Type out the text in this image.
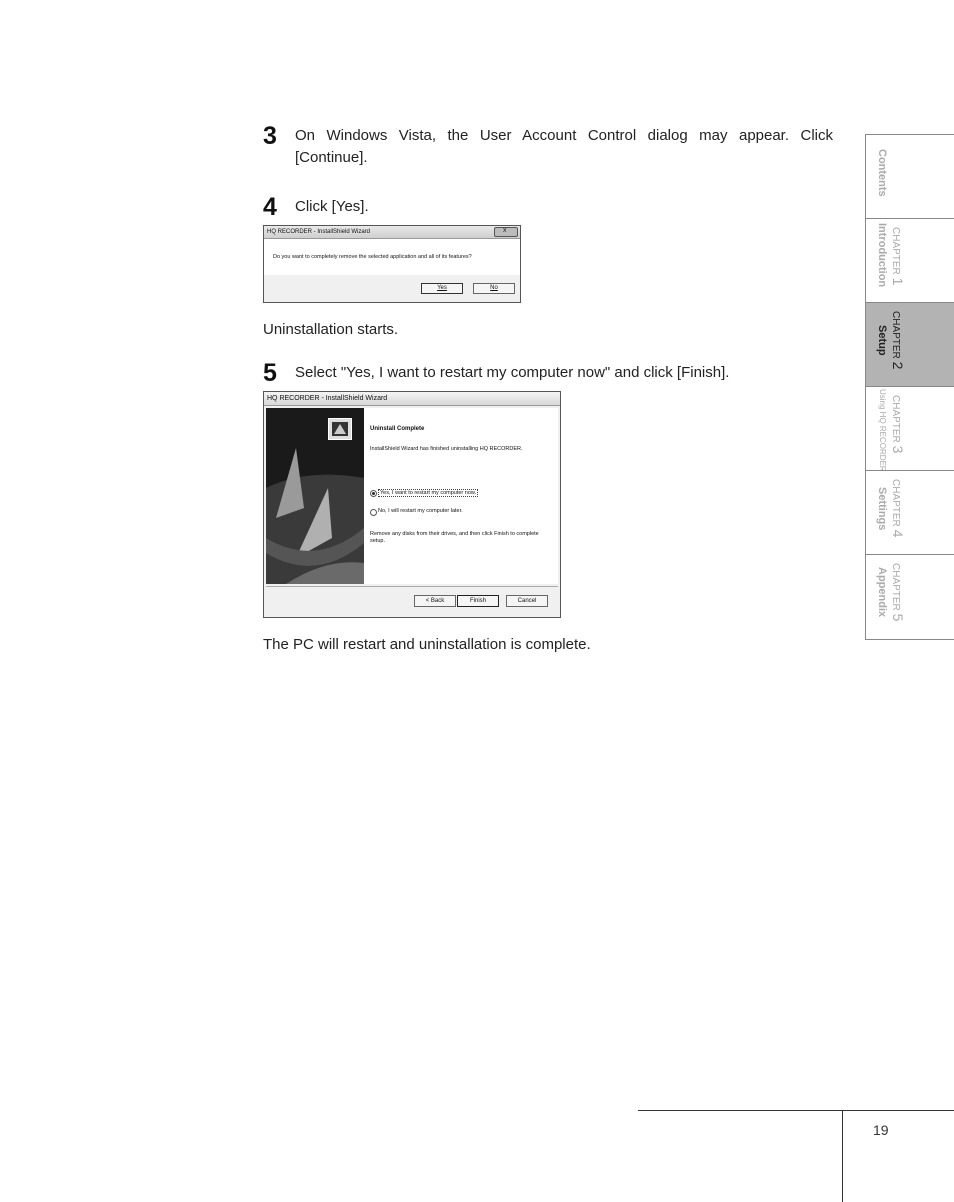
3 On Windows Vista, the User Account Control dialog may appear. Click [Continue].
4 Click [Yes].
HQ RECORDER - InstallShield Wizard	x
Do you want to completely remove the selected application and all of its features?
Yes	No
Uninstallation starts.
5 Select "Yes, I want to restart my computer now" and click [Finish].
HQ RECORDER - InstallShield Wizard
Uninstall Complete
InstallShield Wizard has finished uninstalling HQ RECORDER.
Yes, I want to restart my computer now.
No, I will restart my computer later.
Remove any disks from their drives, and then click Finish to complete setup.
< Back	Finish	Cancel
The PC will restart and uninstallation is complete.
Contents
Introduction CHAPTER 1
Setup CHAPTER 2
Using HQ RECORDER CHAPTER 3
Settings CHAPTER 4
Appendix CHAPTER 5
19
